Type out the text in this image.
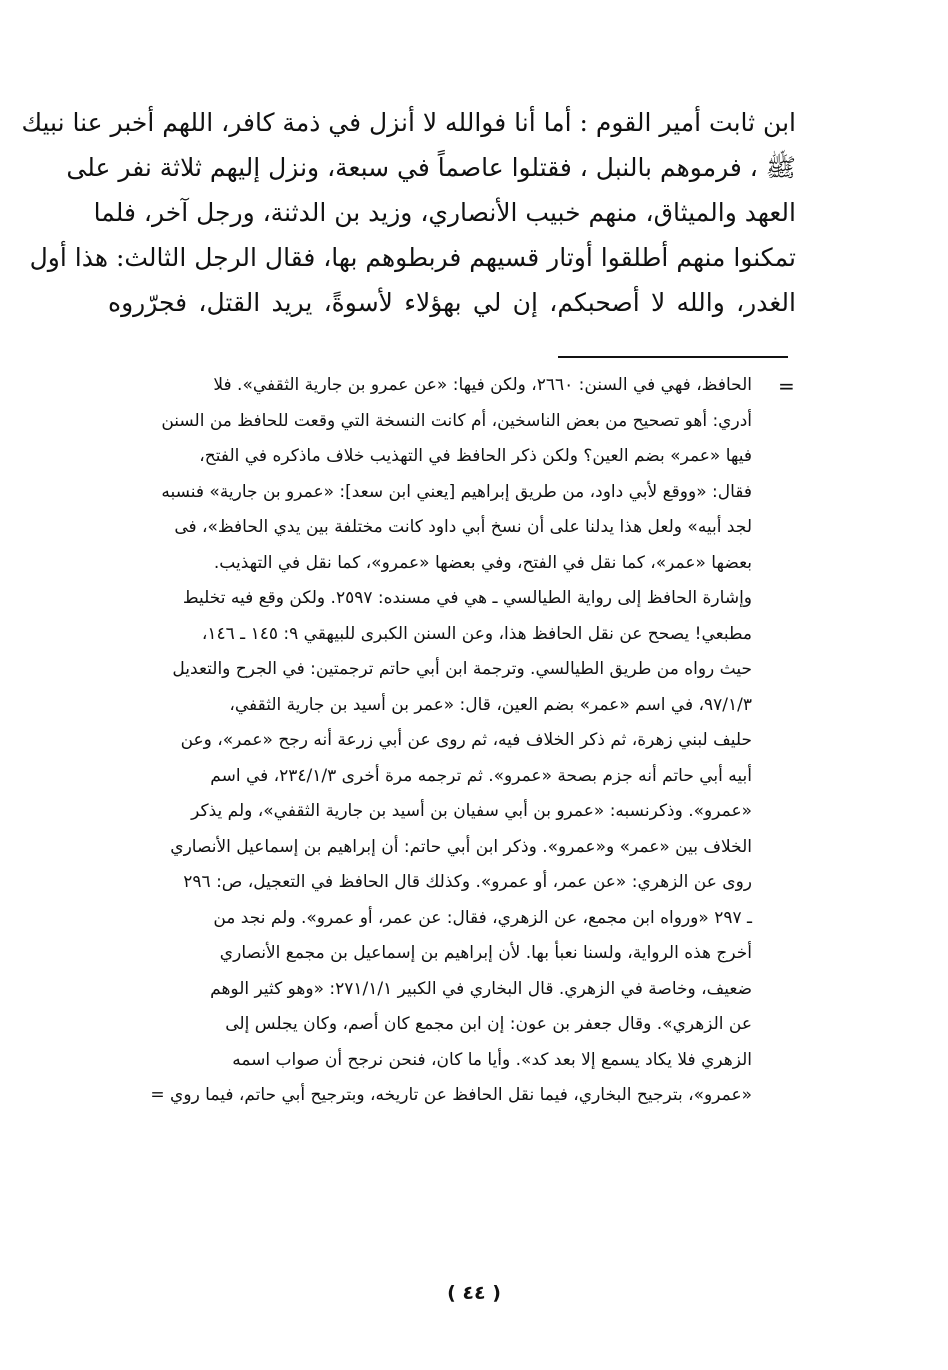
ابن ثابت أمير القوم : أما أنا فوالله لا أنزل في ذمة كافر، اللهم أخبر عنا نبيك
ﷺ ، فرموهم بالنبل ، فقتلوا عاصماً في سبعة، ونزل إليهم ثلاثة نفر على
العهد والميثاق، منهم خبيب الأنصاري، وزيد بن الدثنة، ورجل آخر، فلما
تمكنوا منهم أطلقوا أوتار قسيهم فربطوهم بها، فقال الرجل الثالث: هذا أول
الغدر، والله لا أصحبكم، إن لي بهؤلاء لأسوةً، يريد القتل، فجرّروه
=
الحافظ، فهي في السنن: ٢٦٦٠، ولكن فيها: «عن عمرو بن جارية الثقفي». فلا
أدري: أهو تصحيح من بعض الناسخين، أم كانت النسخة التي وقعت للحافظ من السنن
فيها «عمر» بضم العين؟ ولكن ذكر الحافظ في التهذيب خلاف ماذكره في الفتح،
فقال: «ووقع لأبي داود، من طريق إبراهيم [يعني ابن سعد]: «عمرو بن جارية» فنسبه
لجد أبيه» ولعل هذا يدلنا على أن نسخ أبي داود كانت مختلفة بين يدي الحافظ»، فى
بعضها «عمر»، كما نقل في الفتح، وفي بعضها «عمرو»، كما نقل في التهذيب.
وإشارة الحافظ إلى رواية الطيالسي ـ هي في مسنده: ٢٥٩٧. ولكن وقع فيه تخليط
مطبعي! يصحح عن نقل الحافظ هذا، وعن السنن الكبرى للبيهقي ٩: ١٤٥ ـ ١٤٦،
حيث رواه من طريق الطيالسي. وترجمة ابن أبي حاتم ترجمتين: في الجرح والتعديل
٩٧/١/٣، في اسم «عمر» بضم العين، قال: «عمر بن أسيد بن جارية الثقفي،
حليف لبني زهرة، ثم ذكر الخلاف فيه، ثم روى عن أبي زرعة أنه رجح «عمر»، وعن
أبيه أبي حاتم أنه جزم بصحة «عمرو». ثم ترجمه مرة أخرى ٢٣٤/١/٣، في اسم
«عمرو». وذكرنسبه: «عمرو بن أبي سفيان بن أسيد بن جارية الثقفي»، ولم يذكر
الخلاف بين «عمر» و«عمرو». وذكر ابن أبي حاتم: أن إبراهيم بن إسماعيل الأنصاري
روى عن الزهري: «عن عمر، أو عمرو». وكذلك قال الحافظ في التعجيل، ص: ٢٩٦
ـ ٢٩٧ «ورواه ابن مجمع، عن الزهري، فقال: عن عمر، أو عمرو». ولم نجد من
أخرج هذه الرواية، ولسنا نعبأ بها. لأن إبراهيم بن إسماعيل بن مجمع الأنصاري
ضعيف، وخاصة في الزهري. قال البخاري في الكبير ٢٧١/١/١: «وهو كثير الوهم
عن الزهري». وقال جعفر بن عون: إن ابن مجمع كان أصم، وكان يجلس إلى
الزهري فلا يكاد يسمع إلا بعد كد». وأيا ما كان، فنحن نرجح أن صواب اسمه
«عمرو»، بترجيح البخاري، فيما نقل الحافظ عن تاريخه، وبترجيح أبي حاتم، فيما روي =
( ٤٤ )
